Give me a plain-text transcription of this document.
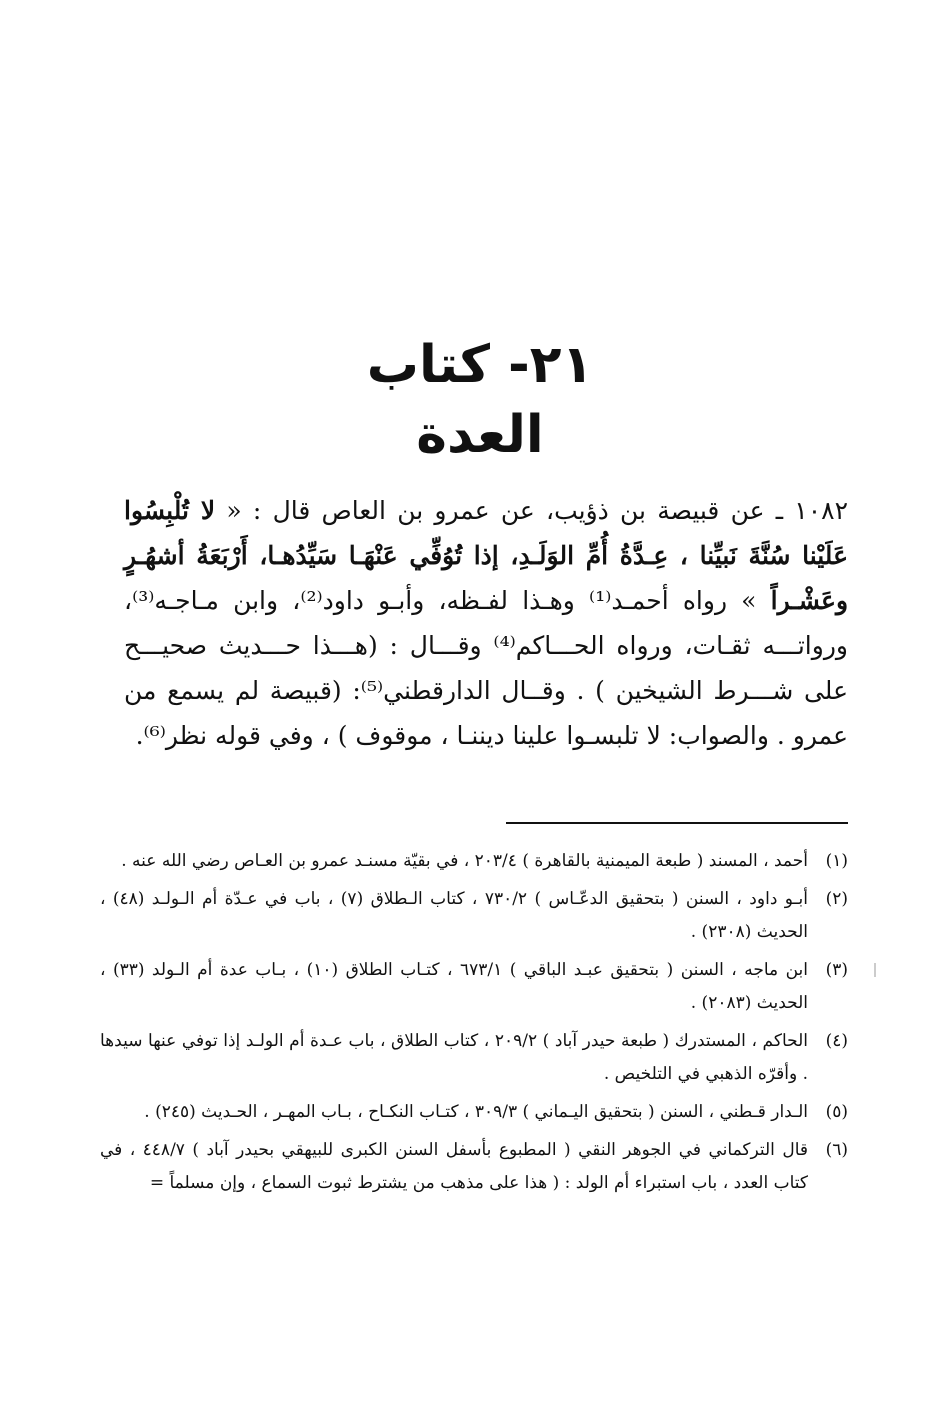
٢١- كتاب العدة
١٠٨٢ ـ عن قبيصة بن ذؤيب، عن عمرو بن العاص قال : « لا تُلْبِسُوا عَلَيْنا سُنَّةَ نَبيِّنا ، عِـدَّةُ أُمِّ الوَلَـدِ، إذا تُوُفِّي عَنْهَـا سَيِّدُهـا، أَرْبَعَةُ أشهُـرٍ وعَشْـراً » رواه أحمـد⁽¹⁾ وهـذا لفـظه، وأبـو داود⁽²⁾، وابن مـاجـه⁽³⁾، ورواتـــه ثقـات، ورواه الحـــاكم⁽⁴⁾ وقـــال : (هـــذا حـــديث صحيـــح على شـــرط الشيخين ) . وقــال الدارقطني⁽⁵⁾: (قبيصة لم يسمع من عمرو . والصواب: لا تلبسـوا علينا ديننـا ، موقوف ) ، وفي قوله نظر⁽⁶⁾.
(١)
أحمد ، المسند ( طبعة الميمنية بالقاهرة ) ٢٠٣/٤ ، في بقيّة مسنـد عمرو بن العـاص رضي الله عنه .
(٢)
أبـو داود ، السنن ( بتحقيق الدعّـاس ) ٧٣٠/٢ ، كتاب الـطلاق (٧) ، باب في عـدّة أم الـولـد (٤٨) ، الحديث (٢٣٠٨) .
(٣)
ابن ماجه ، السنن ( بتحقيق عبـد الباقي ) ٦٧٣/١ ، كتـاب الطلاق (١٠) ، بـاب عدة أم الـولد (٣٣) ، الحديث (٢٠٨٣) .
(٤)
الحاكم ، المستدرك ( طبعة حيدر آباد ) ٢٠٩/٢ ، كتاب الطلاق ، باب عـدة أم الولـد إذا توفي عنها سيدها . وأقرّه الذهبي في التلخيص .
(٥)
الـدار قـطني ، السنن ( بتحقيق اليـماني ) ٣٠٩/٣ ، كتـاب النكـاح ، بـاب المهـر ، الحـديث (٢٤٥) .
(٦)
قال التركماني في الجوهر النقي ( المطبوع بأسفل السنن الكبرى للبيهقي بحيدر آباد ) ٤٤٨/٧ ، في كتاب العدد ، باب استبراء أم الولد : ( هذا على مذهب من يشترط ثبوت السماع ، وإن مسلماً =
